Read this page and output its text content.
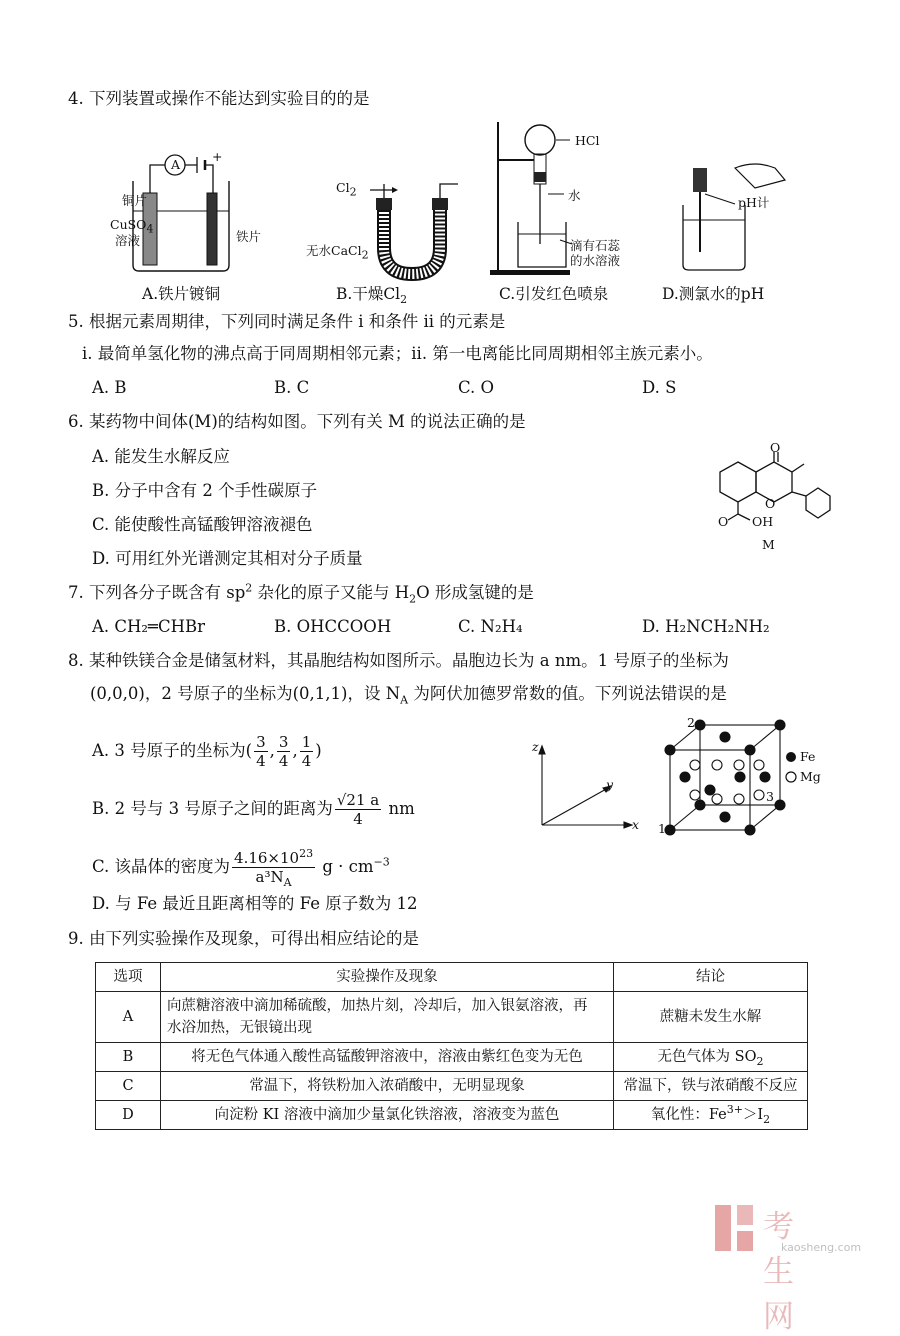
4. 下列装置或操作不能达到实验目的的是
A
+
铜片
CuSO$_4$
溶液	铁片
A.铁片镀铜
$Cl_2$
无水CaCl$_2$
B.干燥$Cl_2$
HCl
水
滴有石蕊
的水溶液
C.引发红色喷泉
pH计
D.测氯水的pH
5. 根据元素周期律，下列同时满足条件 i 和条件 ii 的元素是
i. 最简单氢化物的沸点高于同周期相邻元素；ii. 第一电离能比同周期相邻主族元素小。
A. B	B. C	C. O	D. S
6. 某药物中间体(M)的结构如图。下列有关 M 的说法正确的是
A. 能发生水解反应
B. 分子中含有 2 个手性碳原子
C. 能使酸性高锰酸钾溶液褪色
D. 可用红外光谱测定其相对分子质量
O
O
O OH
M
7. 下列各分子既含有 $sp^2$ 杂化的原子又能与 $H_2O$ 形成氢键的是
A. CH₂═CHBr	B. OHCCOOH	C. N₂H₄	D. H₂NCH₂NH₂
8. 某种铁镁合金是储氢材料，其晶胞结构如图所示。晶胞边长为 a nm。1 号原子的坐标为
(0,0,0)，2 号原子的坐标为(0,1,1)，设 $N_A$ 为阿伏加德罗常数的值。下列说法错误的是
A. 3 号原子的坐标为( $\frac{3}{4}$ , $\frac{3}{4}$ , $\frac{1}{4}$ )
B. 2 号与 3 号原子之间的距离为 $\frac{√21 a}{4}$ nm
C. 该晶体的密度为 $\frac{4.16\times 10^{23}}{a^3N_A}$ $g \cdot cm^{-3}$
D. 与 Fe 最近且距离相等的 Fe 原子数为 12
z
y
x
2
3
1
Fe
Mg
9. 由下列实验操作及现象，可得出相应结论的是
选项	实验操作及现象	结论
A	向蔗糖溶液中滴加稀硫酸，加热片刻，冷却后，加入银氨溶液，再
水浴加热，无银镜出现	蔗糖未发生水解
B	将无色气体通入酸性高锰酸钾溶液中，溶液由紫红色变为无色	无色气体为 $SO_2$
C	常温下，将铁粉加入浓硝酸中，无明显现象	常温下，铁与浓硝酸不反应
D	向淀粉 KI 溶液中滴加少量氯化铁溶液，溶液变为蓝色	氧化性：$Fe^{3+}>I_2$
考生网
kaosheng.com
